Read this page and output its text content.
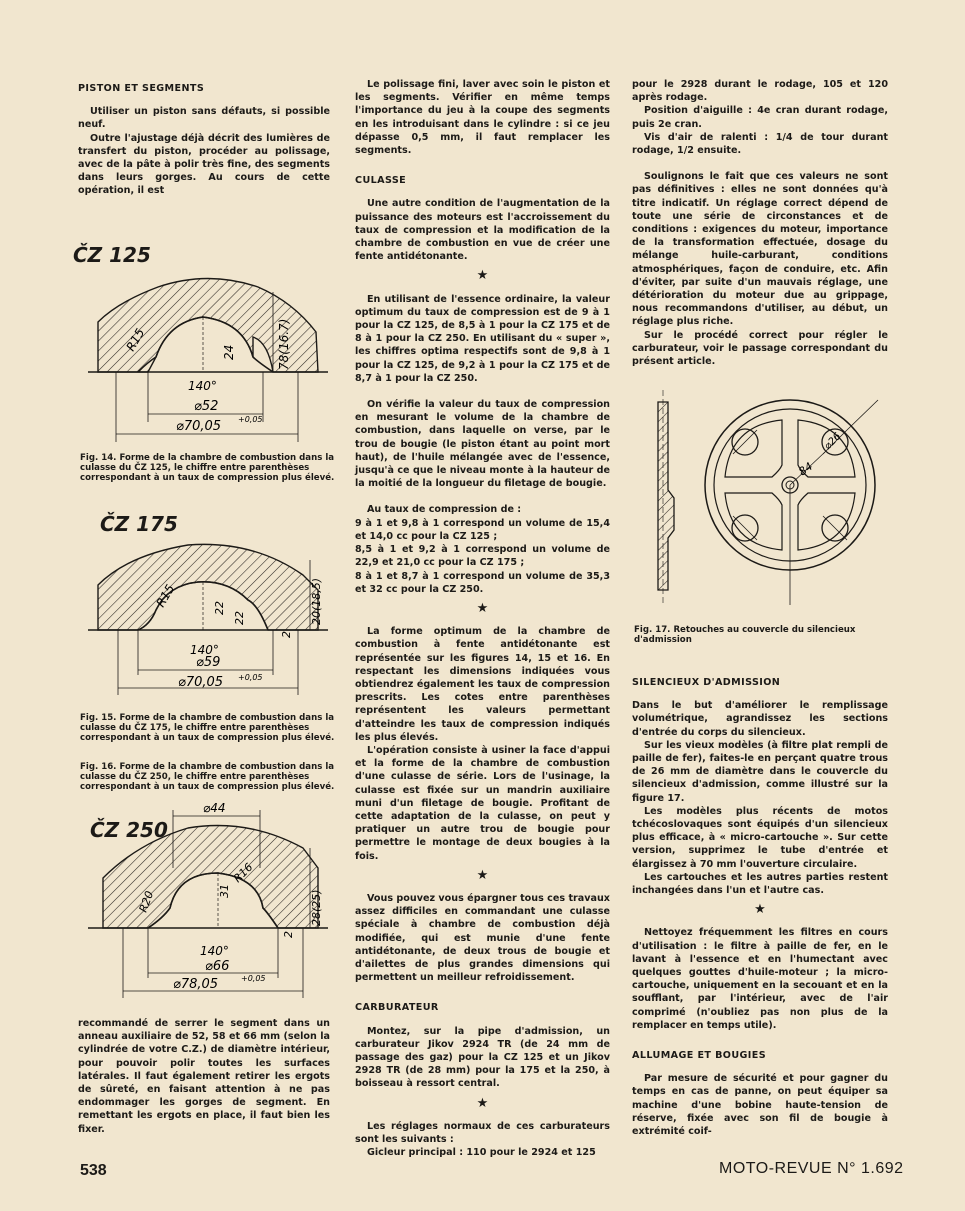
PISTON ET SEGMENTS

Utiliser un piston sans défauts, si possible neuf.

Outre l'ajustage déjà décrit des lumières de transfert du piston, procéder au polissage, avec de la pâte à polir très fine, des segments dans leurs gorges. Au cours de cette opération, il est

ČZ 125
R15	24	78(16.7)
140°
⌀52
⌀70,05 +0,05

Fig. 14. Forme de la chambre de combustion dans la culasse du ČZ 125, le chiffre entre parenthèses correspondant à un taux de compression plus élevé.

ČZ 175
R15	22
22	20(18,5)
2
140°
⌀59
⌀70,05 +0,05

Fig. 15. Forme de la chambre de combustion dans la culasse du ČZ 175, le chiffre entre parenthèses correspondant à un taux de compression plus élevé.

Fig. 16. Forme de la chambre de combustion dans la culasse du ČZ 250, le chiffre entre parenthèses correspondant à un taux de compression plus élevé.

ČZ 250
⌀44
R20	31
R16
28(25)
2
140°
⌀66
⌀78,05	+0,05

recommandé de serrer le segment dans un anneau auxiliaire de 52, 58 et 66 mm (selon la cylindrée de votre C.Z.) de diamètre intérieur, pour pouvoir polir toutes les surfaces latérales. Il faut également retirer les ergots de sûreté, en faisant attention à ne pas endommager les gorges de segment. En remettant les ergots en place, il faut bien les fixer.

Le polissage fini, laver avec soin le piston et les segments. Vérifier en même temps l'importance du jeu à la coupe des segments en les introduisant dans le cylindre : si ce jeu dépasse 0,5 mm, il faut remplacer les segments.

CULASSE

Une autre condition de l'augmentation de la puissance des moteurs est l'accroissement du taux de compression et la modification de la chambre de combustion en vue de créer une fente antidétonante.

★

En utilisant de l'essence ordinaire, la valeur optimum du taux de compression est de 9 à 1 pour la CZ 125, de 8,5 à 1 pour la CZ 175 et de 8 à 1 pour la CZ 250. En utilisant du « super », les chiffres optima respectifs sont de 9,8 à 1 pour la CZ 125, de 9,2 à 1 pour la CZ 175 et de 8,7 à 1 pour la CZ 250.

On vérifie la valeur du taux de compression en mesurant le volume de la chambre de combustion, dans laquelle on verse, par le trou de bougie (le piston étant au point mort haut), de l'huile mélangée avec de l'essence, jusqu'à ce que le niveau monte à la hauteur de la moitié de la longueur du filetage de bougie.

Au taux de compression de :

9 à 1 et 9,8 à 1 correspond un volume de 15,4 et 14,0 cc pour la CZ 125 ;

8,5 à 1 et 9,2 à 1 correspond un volume de 22,9 et 21,0 cc pour la CZ 175 ;

8 à 1 et 8,7 à 1 correspond un volume de 35,3 et 32 cc pour la CZ 250.

★

La forme optimum de la chambre de combustion à fente antidétonante est représentée sur les figures 14, 15 et 16. En respectant les dimensions indiquées vous obtiendrez également les taux de compression prescrits. Les cotes entre parenthèses représentent les valeurs permettant d'atteindre les taux de compression indiqués les plus élevés.

L'opération consiste à usiner la face d'appui et la forme de la chambre de combustion d'une culasse de série. Lors de l'usinage, la culasse est fixée sur un mandrin auxiliaire muni d'un filetage de bougie. Profitant de cette adaptation de la culasse, on peut y pratiquer un autre trou de bougie pour permettre le montage de deux bougies à la fois.

★

Vous pouvez vous épargner tous ces travaux assez difficiles en commandant une culasse spéciale à chambre de combustion déjà modifiée, qui est munie d'une fente antidétonante, de deux trous de bougie et d'ailettes de plus grandes dimensions qui permettent un meilleur refroidissement.

CARBURATEUR

Montez, sur la pipe d'admission, un carburateur Jikov 2924 TR (de 24 mm de passage des gaz) pour la CZ 125 et un Jikov 2928 TR (de 28 mm) pour la 175 et la 250, à boisseau à ressort central.

★

Les réglages normaux de ces carburateurs sont les suivants :

Gicleur principal : 110 pour le 2924 et 125

pour le 2928 durant le rodage, 105 et 120 après rodage.

Position d'aiguille : 4e cran durant rodage, puis 2e cran.

Vis d'air de ralenti : 1/4 de tour durant rodage, 1/2 ensuite.

Soulignons le fait que ces valeurs ne sont pas définitives : elles ne sont données qu'à titre indicatif. Un réglage correct dépend de toute une série de circonstances et de conditions : exigences du moteur, importance de la transformation effectuée, dosage du mélange huile-carburant, conditions atmosphériques, façon de conduire, etc. Afin d'éviter, par suite d'un mauvais réglage, une détérioration du moteur due au grippage, nous recommandons d'utiliser, au début, un réglage plus riche.

Sur le procédé correct pour régler le carburateur, voir le passage correspondant du présent article.

⌀26
84

Fig. 17. Retouches au couvercle du silencieux d'admission

SILENCIEUX D'ADMISSION

Dans le but d'améliorer le remplissage volumétrique, agrandissez les sections d'entrée du corps du silencieux.

Sur les vieux modèles (à filtre plat rempli de paille de fer), faites-le en perçant quatre trous de 26 mm de diamètre dans le couvercle du silencieux d'admission, comme illustré sur la figure 17.

Les modèles plus récents de motos tchécoslovaques sont équipés d'un silencieux plus efficace, à « micro-cartouche ». Sur cette version, supprimez le tube d'entrée et élargissez à 70 mm l'ouverture circulaire.

Les cartouches et les autres parties restent inchangées dans l'un et l'autre cas.

★

Nettoyez fréquemment les filtres en cours d'utilisation : le filtre à paille de fer, en le lavant à l'essence et en l'humectant avec quelques gouttes d'huile-moteur ; la micro-cartouche, uniquement en la secouant et en la soufflant, par l'intérieur, avec de l'air comprimé (n'oubliez pas non plus de la remplacer en temps utile).

ALLUMAGE ET BOUGIES

Par mesure de sécurité et pour gagner du temps en cas de panne, on peut équiper sa machine d'une bobine haute-tension de réserve, fixée avec son fil de bougie à extrémité coif-

538	MOTO-REVUE N° 1.692
